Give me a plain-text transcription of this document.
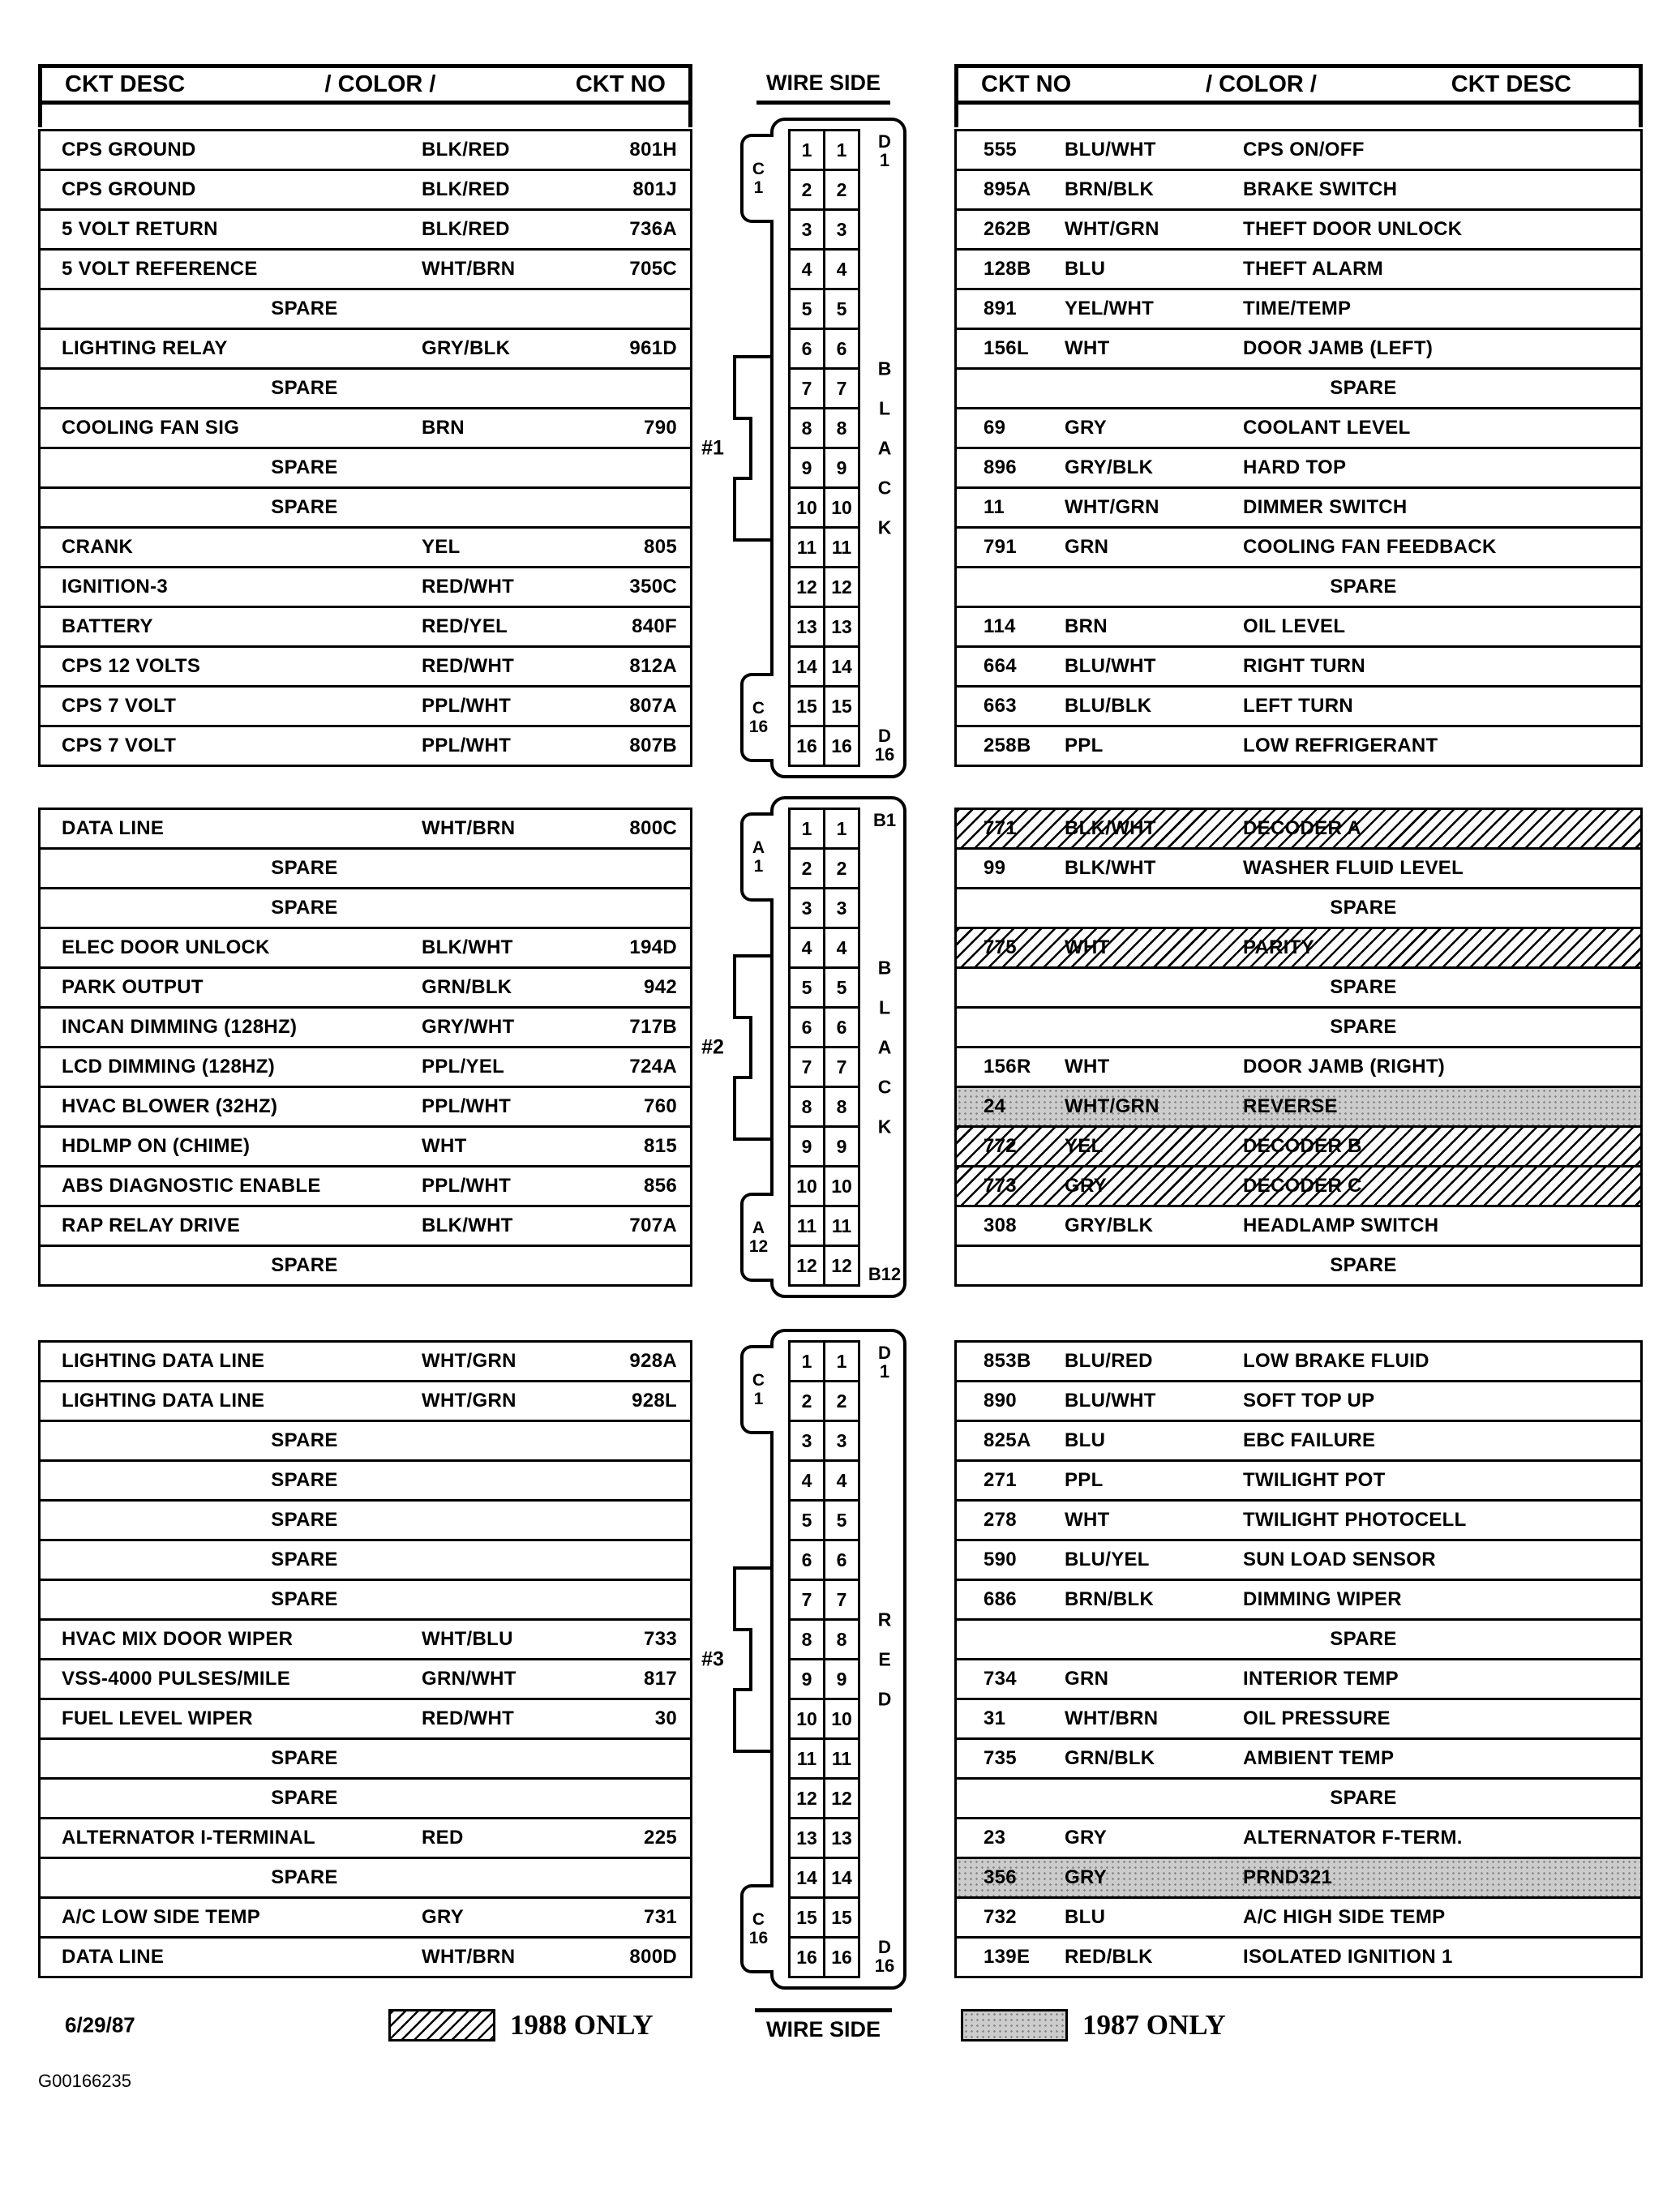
CKT DESC	/ COLOR /	CKT NO	WIRE SIDE	CKT NO	/ COLOR /	CKT DESC
CPS GROUND	BLK/RED	801H
CPS GROUND	BLK/RED	801J
5 VOLT RETURN	BLK/RED	736A
5 VOLT REFERENCE	WHT/BRN	705C
SPARE
LIGHTING RELAY	GRY/BLK	961D
SPARE
COOLING FAN SIG	BRN	790
SPARE
SPARE
CRANK	YEL	805
IGNITION-3	RED/WHT	350C
BATTERY	RED/YEL	840F
CPS 12 VOLTS	RED/WHT	812A
CPS 7 VOLT	PPL/WHT	807A
CPS 7 VOLT	PPL/WHT	807B
1	1
2	2
3	3
4	4
5	5
6	6
7	7
8	8
9	9
10 10
11 11
12 12
13 13
14 14
15 15
16 16
C
1
C
16
#1
D
1
D
16
B
L
A
C
K
555	BLU/WHT	CPS ON/OFF
895A	BRN/BLK	BRAKE SWITCH
262B	WHT/GRN	THEFT DOOR UNLOCK
128B	BLU	THEFT ALARM
891	YEL/WHT	TIME/TEMP
156L	WHT	DOOR JAMB (LEFT)
SPARE
69	GRY	COOLANT LEVEL
896	GRY/BLK	HARD TOP
11	WHT/GRN	DIMMER SWITCH
791	GRN	COOLING FAN FEEDBACK
SPARE
114	BRN	OIL LEVEL
664	BLU/WHT	RIGHT TURN
663	BLU/BLK	LEFT TURN
258B	PPL	LOW REFRIGERANT
DATA LINE	WHT/BRN	800C
SPARE
SPARE
ELEC DOOR UNLOCK	BLK/WHT	194D
PARK OUTPUT	GRN/BLK	942
INCAN DIMMING (128HZ)	GRY/WHT	717B
LCD DIMMING (128HZ)	PPL/YEL	724A
HVAC BLOWER (32HZ)	PPL/WHT	760
HDLMP ON (CHIME)	WHT	815
ABS DIAGNOSTIC ENABLE	PPL/WHT	856
RAP RELAY DRIVE	BLK/WHT	707A
SPARE
1	1
2	2
3	3
4	4
5	5
6	6
7	7
8	8
9	9
10 10
11 11
12 12
A
1
A
12
#2
B1
B12
B
L
A
C
K
771	BLK/WHT	DECODER A
99	BLK/WHT	WASHER FLUID LEVEL
SPARE
775	WHT	PARITY
SPARE
SPARE
156R	WHT	DOOR JAMB (RIGHT)
24	WHT/GRN	REVERSE
772	YEL	DECODER B
773	GRY	DECODER C
308	GRY/BLK	HEADLAMP SWITCH
SPARE
LIGHTING DATA LINE	WHT/GRN	928A
LIGHTING DATA LINE	WHT/GRN	928L
SPARE
SPARE
SPARE
SPARE
SPARE
HVAC MIX DOOR WIPER	WHT/BLU	733
VSS-4000 PULSES/MILE	GRN/WHT	817
FUEL LEVEL WIPER	RED/WHT	30
SPARE
SPARE
ALTERNATOR I-TERMINAL	RED	225
SPARE
A/C LOW SIDE TEMP	GRY	731
DATA LINE	WHT/BRN	800D
1	1
2	2
3	3
4	4
5	5
6	6
7	7
8	8
9	9
10 10
11 11
12 12
13 13
14 14
15 15
16 16
C
1
C
16
#3
D
1
D
16
R
E
D
853B	BLU/RED	LOW BRAKE FLUID
890	BLU/WHT	SOFT TOP UP
825A	BLU	EBC FAILURE
271	PPL	TWILIGHT POT
278	WHT	TWILIGHT PHOTOCELL
590	BLU/YEL	SUN LOAD SENSOR
686	BRN/BLK	DIMMING WIPER
SPARE
734	GRN	INTERIOR TEMP
31	WHT/BRN	OIL PRESSURE
735	GRN/BLK	AMBIENT TEMP
SPARE
23	GRY	ALTERNATOR F-TERM.
356	GRY	PRND321
732	BLU	A/C HIGH SIDE TEMP
139E	RED/BLK	ISOLATED IGNITION 1
6/29/87	1988 ONLY	WIRE SIDE	1987 ONLY
G00166235
